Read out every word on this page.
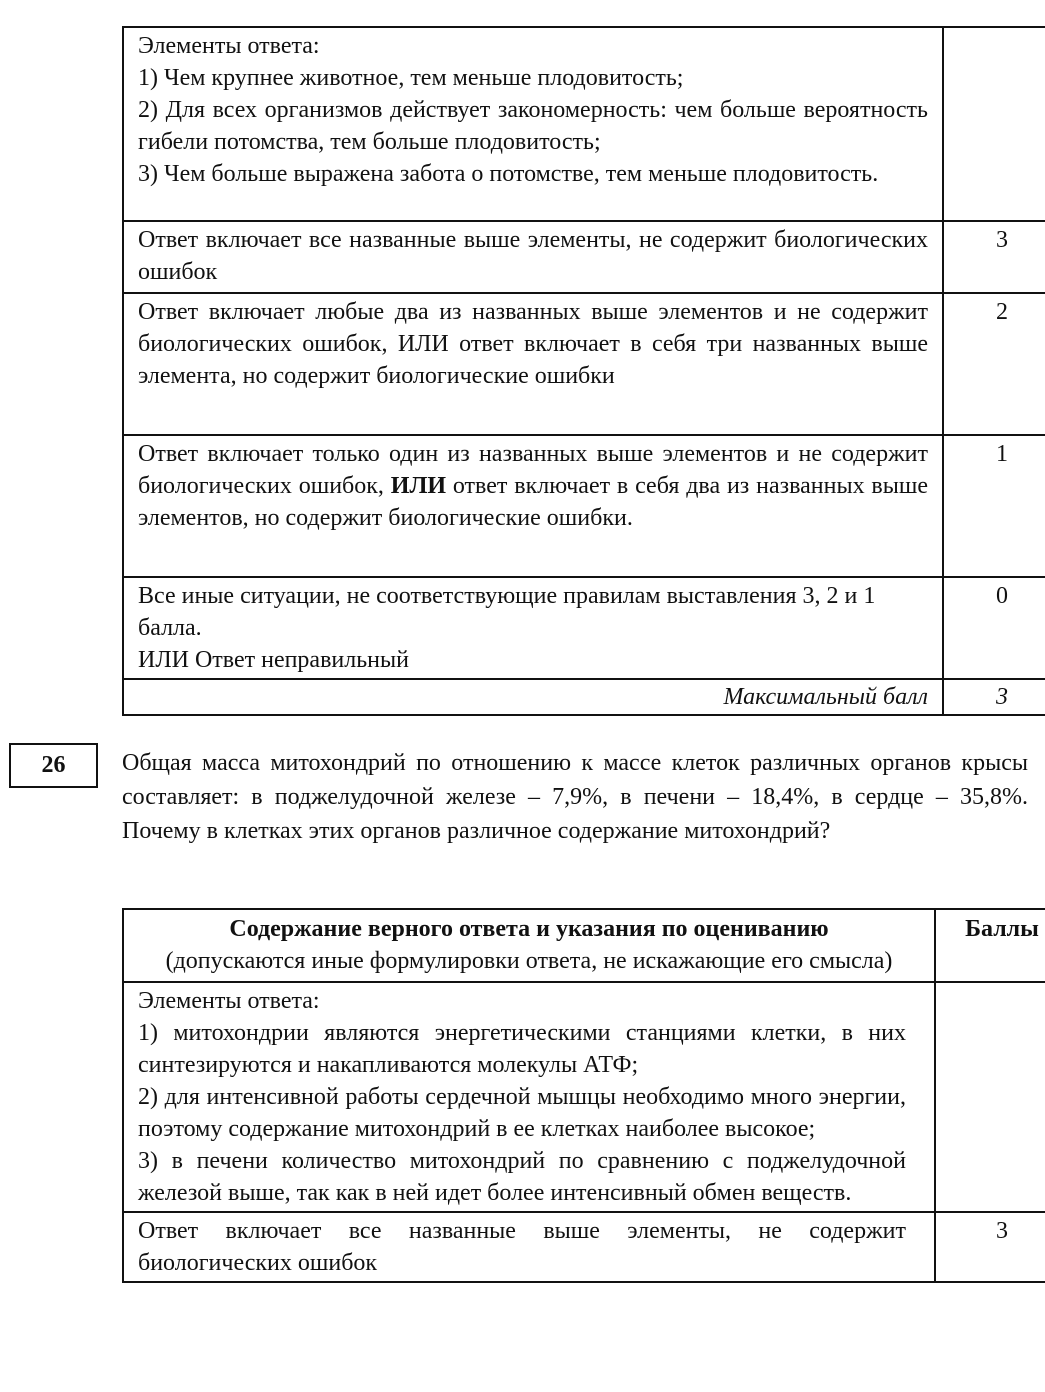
Элементы ответа:
1) Чем крупнее животное, тем меньше плодовитость;
2) Для всех организмов действует закономерность: чем больше вероятность гибели потомства, тем больше плодовитость;
3) Чем больше выражена забота о потомстве, тем меньше плодовитость.	

Ответ включает все названные выше элементы, не содержит биологических ошибок	3
Ответ включает любые два из названных выше элементов и не содержит биологических ошибок, ИЛИ ответ включает в себя три названных выше элемента, но содержит биологические ошибки	2
Ответ включает только один из названных выше элементов и не содержит биологических ошибок, ИЛИ ответ включает в себя два из названных выше элементов, но содержит биологические ошибки.	1

Все иные ситуации, не соответствующие правилам выставления 3, 2 и 1 балла.
ИЛИ Ответ неправильный	0
Максимальный балл	3
26	Общая масса митохондрий по отношению к массе клеток различных органов крысы составляет: в поджелудочной железе – 7,9%, в печени – 18,4%, в сердце – 35,8%. Почему в клетках этих органов различное содержание митохондрий?
Содержание верного ответа и указания по оцениванию
(допускаются иные формулировки ответа, не искажающие его смысла)	Баллы

Элементы ответа:
1) митохондрии являются энергетическими станциями клетки, в них синтезируются и накапливаются молекулы АТФ;
2) для интенсивной работы сердечной мышцы необходимо много энергии, поэтому содержание митохондрий в ее клетках наиболее высокое;
3) в печени количество митохондрий по сравнению с поджелудочной железой выше, так как в ней идет более интенсивный обмен веществ.	

Ответ включает все названные выше элементы, не содержит биологических ошибок	3
